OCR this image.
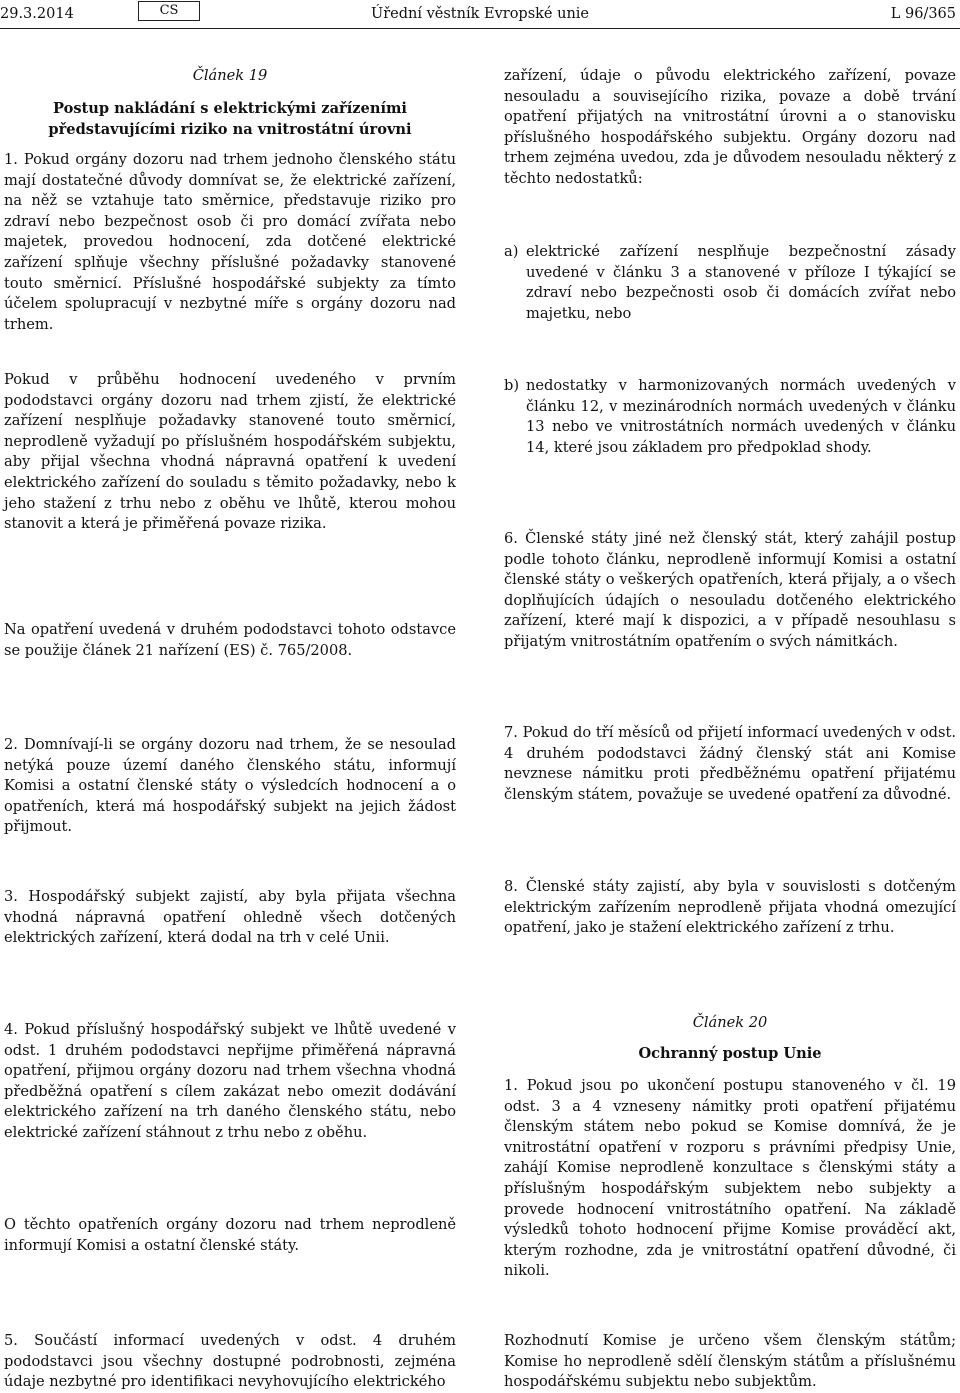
29.3.2014	Úřední věstník Evropské unie
CS	L 96/365

Článek 19

Postup nakládání s elektrickými zařízeními představujícími riziko na vnitrostátní úrovni

1. Pokud orgány dozoru nad trhem jednoho členského státu mají dostatečné důvody domnívat se, že elektrické zařízení, na něž se vztahuje tato směrnice, představuje riziko pro zdraví nebo bezpečnost osob či pro domácí zvířata nebo majetek, provedou hodnocení, zda dotčené elektrické zařízení splňuje všechny příslušné požadavky stanovené touto směrnicí. Příslušné hospodářské subjekty za tímto účelem spolupracují v nezbytné míře s orgány dozoru nad trhem.

Pokud v průběhu hodnocení uvedeného v prvním pododstavci orgány dozoru nad trhem zjistí, že elektrické zařízení nesplňuje požadavky stanovené touto směrnicí, neprodleně vyžadují po příslušném hospodářském subjektu, aby přijal všechna vhodná nápravná opatření k uvedení elektrického zařízení do souladu s těmito požadavky, nebo k jeho stažení z trhu nebo z oběhu ve lhůtě, kterou mohou stanovit a která je přiměřená povaze rizika.

Na opatření uvedená v druhém pododstavci tohoto odstavce se použije článek 21 nařízení (ES) č. 765/2008.

2. Domnívají-li se orgány dozoru nad trhem, že se nesoulad netýká pouze území daného členského státu, informují Komisi a ostatní členské státy o výsledcích hodnocení a o opatřeních, která má hospodářský subjekt na jejich žádost přijmout.

3. Hospodářský subjekt zajistí, aby byla přijata všechna vhodná nápravná opatření ohledně všech dotčených elektrických zařízení, která dodal na trh v celé Unii.

4. Pokud příslušný hospodářský subjekt ve lhůtě uvedené v odst. 1 druhém pododstavci nepřijme přiměřená nápravná opatření, přijmou orgány dozoru nad trhem všechna vhodná předběžná opatření s cílem zakázat nebo omezit dodávání elektrického zařízení na trh daného členského státu, nebo elektrické zařízení stáhnout z trhu nebo z oběhu.

O těchto opatřeních orgány dozoru nad trhem neprodleně informují Komisi a ostatní členské státy.

5. Součástí informací uvedených v odst. 4 druhém pododstavci jsou všechny dostupné podrobnosti, zejména údaje nezbytné pro identifikaci nevyhovujícího elektrického

zařízení, údaje o původu elektrického zařízení, povaze nesouladu a souvisejícího rizika, povaze a době trvání opatření přijatých na vnitrostátní úrovni a o stanovisku příslušného hospodářského subjektu. Orgány dozoru nad trhem zejména uvedou, zda je důvodem nesouladu některý z těchto nedostatků:

a) elektrické zařízení nesplňuje bezpečnostní zásady uvedené v článku 3 a stanovené v příloze I týkající se zdraví nebo bezpečnosti osob či domácích zvířat nebo majetku, nebo

b) nedostatky v harmonizovaných normách uvedených v článku 12, v mezinárodních normách uvedených v článku 13 nebo ve vnitrostátních normách uvedených v článku 14, které jsou základem pro předpoklad shody.

6. Členské státy jiné než členský stát, který zahájil postup podle tohoto článku, neprodleně informují Komisi a ostatní členské státy o veškerých opatřeních, která přijaly, a o všech doplňujících údajích o nesouladu dotčeného elektrického zařízení, které mají k dispozici, a v případě nesouhlasu s přijatým vnitrostátním opatřením o svých námitkách.

7. Pokud do tří měsíců od přijetí informací uvedených v odst. 4 druhém pododstavci žádný členský stát ani Komise nevznese námitku proti předběžnému opatření přijatému členským státem, považuje se uvedené opatření za důvodné.

8. Členské státy zajistí, aby byla v souvislosti s dotčeným elektrickým zařízením neprodleně přijata vhodná omezující opatření, jako je stažení elektrického zařízení z trhu.

Článek 20

Ochranný postup Unie

1. Pokud jsou po ukončení postupu stanoveného v čl. 19 odst. 3 a 4 vzneseny námitky proti opatření přijatému členským státem nebo pokud se Komise domnívá, že je vnitrostátní opatření v rozporu s právními předpisy Unie, zahájí Komise neprodleně konzultace s členskými státy a příslušným hospodářským subjektem nebo subjekty a provede hodnocení vnitrostátního opatření. Na základě výsledků tohoto hodnocení přijme Komise prováděcí akt, kterým rozhodne, zda je vnitrostátní opatření důvodné, či nikoli.

Rozhodnutí Komise je určeno všem členským státům; Komise ho neprodleně sdělí členským státům a příslušnému hospodářskému subjektu nebo subjektům.
